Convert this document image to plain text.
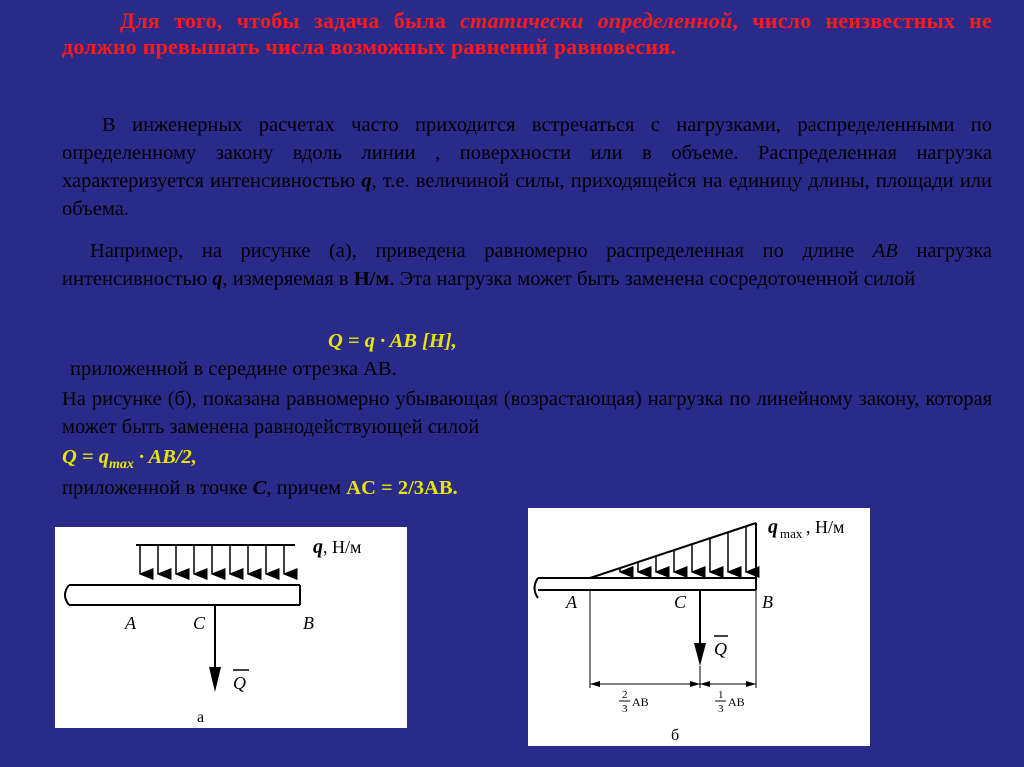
Для того, чтобы задача была статически определенной, число неизвестных не должно превышать числа возможных равнений равновесия.
В инженерных расчетах часто приходится встречаться с нагрузками, распределенными по определенному закону вдоль линии , поверхности или в объеме. Распределенная нагрузка характеризуется интенсивностью q, т.е. величиной силы, приходящейся на единицу длины, площади или объема.
Например, на рисунке (а), приведена равномерно распределенная по длине AB нагрузка интенсивностью q, измеряемая в Н/м. Эта нагрузка может быть заменена сосредоточенной силой
Q = q · AB [Н],
приложенной в середине отрезка AB.
На рисунке (б), показана равномерно убывающая (возрастающая) нагрузка по линейному закону, которая может быть заменена равнодействующей силой
$Q = q_{max} \cdot AB/2$,
приложенной в точке C, причем AC = 2/3AB.
q , Н/м
A	C	B
Q
а
q max , Н/м
A	C	B
Q
2
3 AB	1
3 AB
б
